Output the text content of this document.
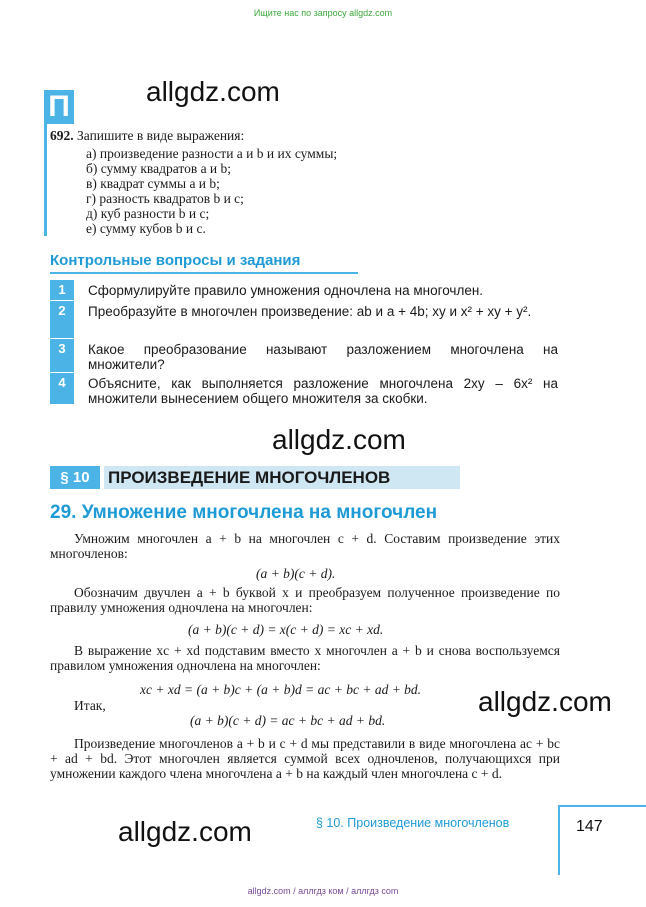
Ищите нас по запросу allgdz.com
allgdz.com
allgdz.com
allgdz.com
allgdz.com
П
692. Запишите в виде выражения:
а) произведение разности a и b и их суммы;
б) сумму квадратов a и b;
в) квадрат суммы a и b;
г) разность квадратов b и c;
д) куб разности b и c;
е) сумму кубов b и c.
Контрольные вопросы и задания
1	Сформулируйте правило умножения одночлена на многочлен.
2	Преобразуйте в многочлен произведение: ab и a + 4b; xy и x² + xy + y².
3	Какое преобразование называют разложением многочлена на множители?
4	Объясните, как выполняется разложение многочлена 2xy – 6x² на множители вынесением общего множителя за скобки.
§ 10	ПРОИЗВЕДЕНИЕ МНОГОЧЛЕНОВ
29. Умножение многочлена на многочлен
Умножим многочлен a + b на многочлен c + d. Составим произведение этих многочленов:
(a + b)(c + d).
Обозначим двучлен a + b буквой x и преобразуем полученное произведение по правилу умножения одночлена на многочлен:
(a + b)(c + d) = x(c + d) = xc + xd.
В выражение xc + xd подставим вместо x многочлен a + b и снова воспользуемся правилом умножения одночлена на многочлен:
xc + xd = (a + b)c + (a + b)d = ac + bc + ad + bd.
Итак,
(a + b)(c + d) = ac + bc + ad + bd.
Произведение многочленов a + b и c + d мы представили в виде многочлена ac + bc + ad + bd. Этот многочлен является суммой всех одночленов, получающихся при умножении каждого члена многочлена a + b на каждый член многочлена c + d.
§ 10. Произведение многочленов	147
allgdz.com / аллгдз ком / аллгдз com
